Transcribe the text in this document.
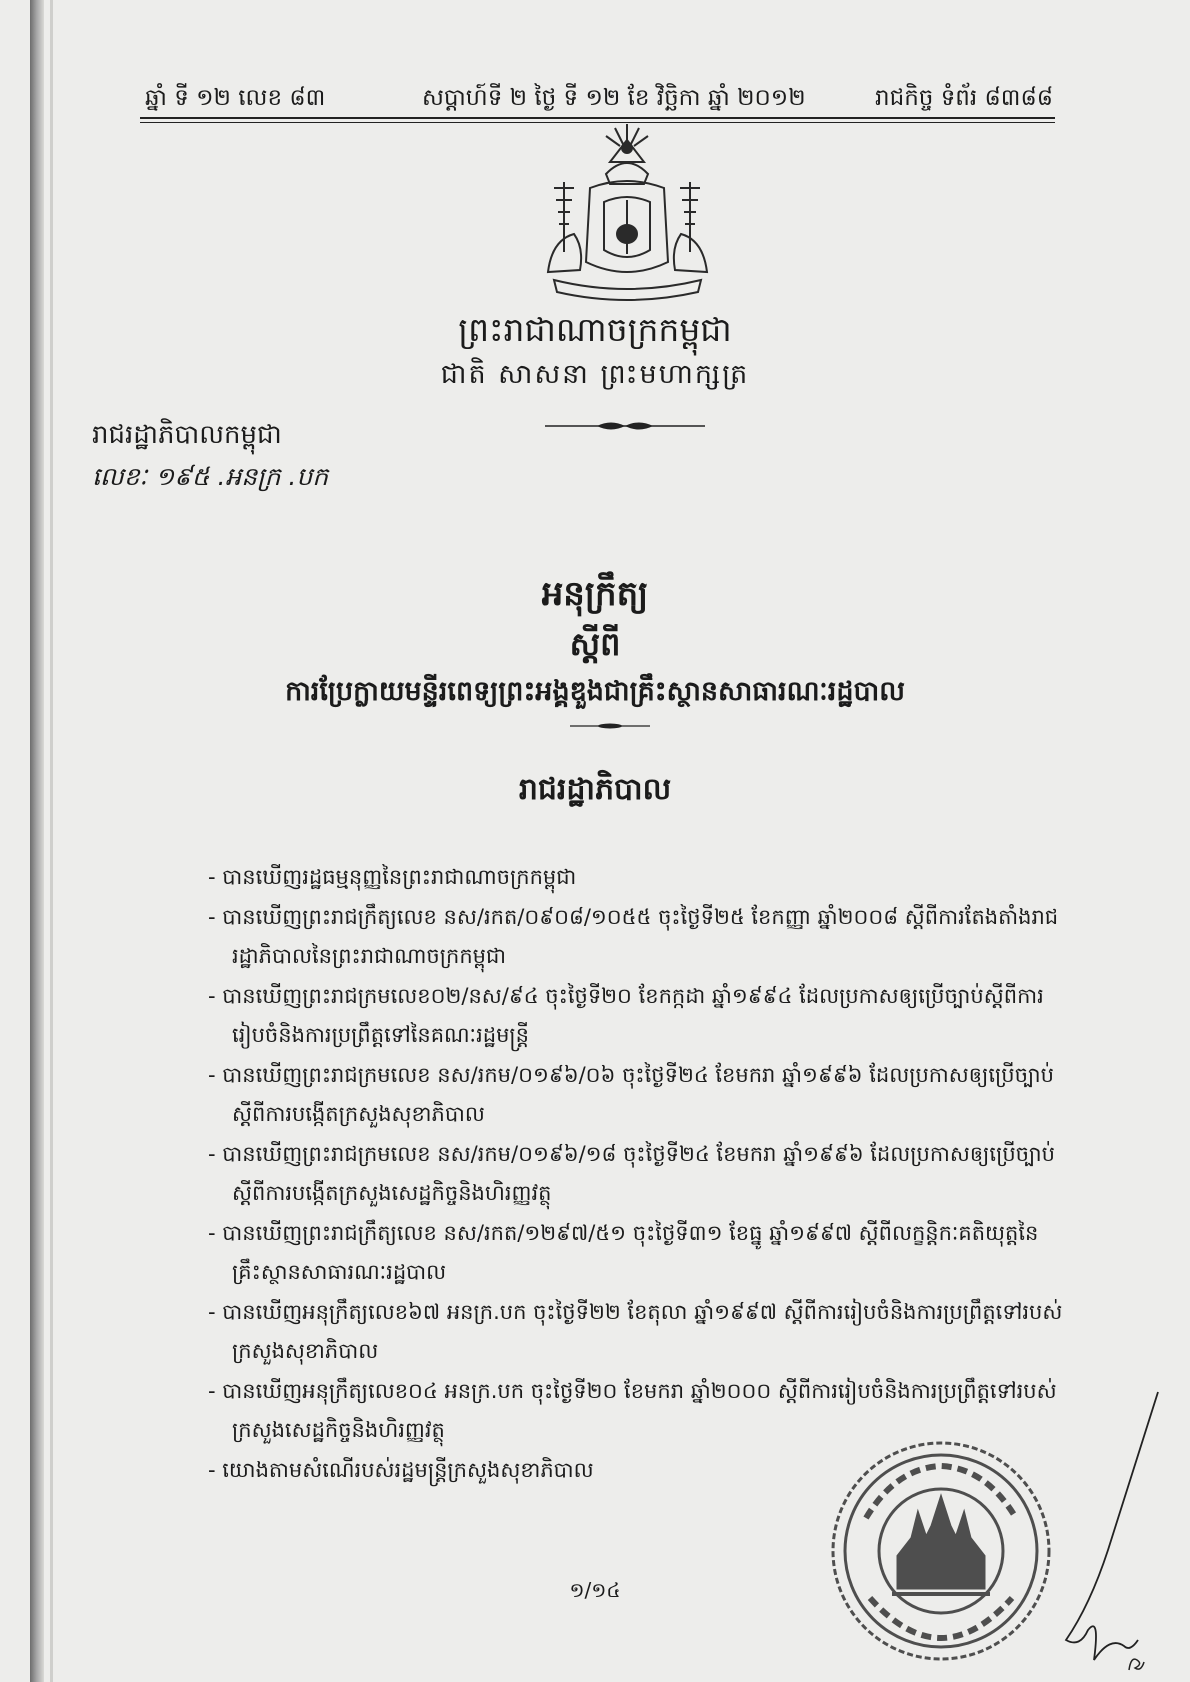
ឆ្នាំ ទី ១២ លេខ ៨៣	សប្តាហ៍ទី ២ ថ្ងៃ ទី ១២ ខែ វិច្ឆិកា ឆ្នាំ ២០១២	រាជកិច្ច ទំព័រ ៨៣៨៨
ព្រះរាជាណាចក្រកម្ពុជា
ជាតិ សាសនា ព្រះមហាក្សត្រ
រាជរដ្ឋាភិបាលកម្ពុជា
លេខៈ ១៩៥ .អនក្រ .បក
អនុក្រឹត្យ
ស្តីពី
ការប្រែក្លាយមន្ទីរពេទ្យព្រះអង្គឌួងជាគ្រឹះស្ថានសាធារណៈរដ្ឋបាល
រាជរដ្ឋាភិបាល
- បានឃើញរដ្ឋធម្មនុញ្ញនៃព្រះរាជាណាចក្រកម្ពុជា
- បានឃើញព្រះរាជក្រឹត្យលេខ នស/រកត/០៩០៨/១០៥៥ ចុះថ្ងៃទី២៥ ខែកញ្ញា ឆ្នាំ២០០៨ ស្តីពីការតែងតាំងរាជរដ្ឋាភិបាលនៃព្រះរាជាណាចក្រកម្ពុជា
- បានឃើញព្រះរាជក្រមលេខ០២/នស/៩៤ ចុះថ្ងៃទី២០ ខែកក្កដា ឆ្នាំ១៩៩៤ ដែលប្រកាសឲ្យប្រើច្បាប់ស្តីពីការរៀបចំនិងការប្រព្រឹត្តទៅនៃគណៈរដ្ឋមន្ត្រី
- បានឃើញព្រះរាជក្រមលេខ នស/រកម/០១៩៦/០៦ ចុះថ្ងៃទី២៤ ខែមករា ឆ្នាំ១៩៩៦ ដែលប្រកាសឲ្យប្រើច្បាប់ស្តីពីការបង្កើតក្រសួងសុខាភិបាល
- បានឃើញព្រះរាជក្រមលេខ នស/រកម/០១៩៦/១៨ ចុះថ្ងៃទី២៤ ខែមករា ឆ្នាំ១៩៩៦ ដែលប្រកាសឲ្យប្រើច្បាប់ស្តីពីការបង្កើតក្រសួងសេដ្ឋកិច្ចនិងហិរញ្ញវត្ថុ
- បានឃើញព្រះរាជក្រឹត្យលេខ នស/រកត/១២៩៧/៥១ ចុះថ្ងៃទី៣១ ខែធ្នូ ឆ្នាំ១៩៩៧ ស្តីពីលក្ខន្តិកៈគតិយុត្តនៃគ្រឹះស្ថានសាធារណៈរដ្ឋបាល
- បានឃើញអនុក្រឹត្យលេខ៦៧ អនក្រ.បក ចុះថ្ងៃទី២២ ខែតុលា ឆ្នាំ១៩៩៧ ស្តីពីការរៀបចំនិងការប្រព្រឹត្តទៅរបស់ក្រសួងសុខាភិបាល
- បានឃើញអនុក្រឹត្យលេខ០៤ អនក្រ.បក ចុះថ្ងៃទី២០ ខែមករា ឆ្នាំ២០០០ ស្តីពីការរៀបចំនិងការប្រព្រឹត្តទៅរបស់ក្រសួងសេដ្ឋកិច្ចនិងហិរញ្ញវត្ថុ
- យោងតាមសំណើរបស់រដ្ឋមន្ត្រីក្រសួងសុខាភិបាល
១/១៤
